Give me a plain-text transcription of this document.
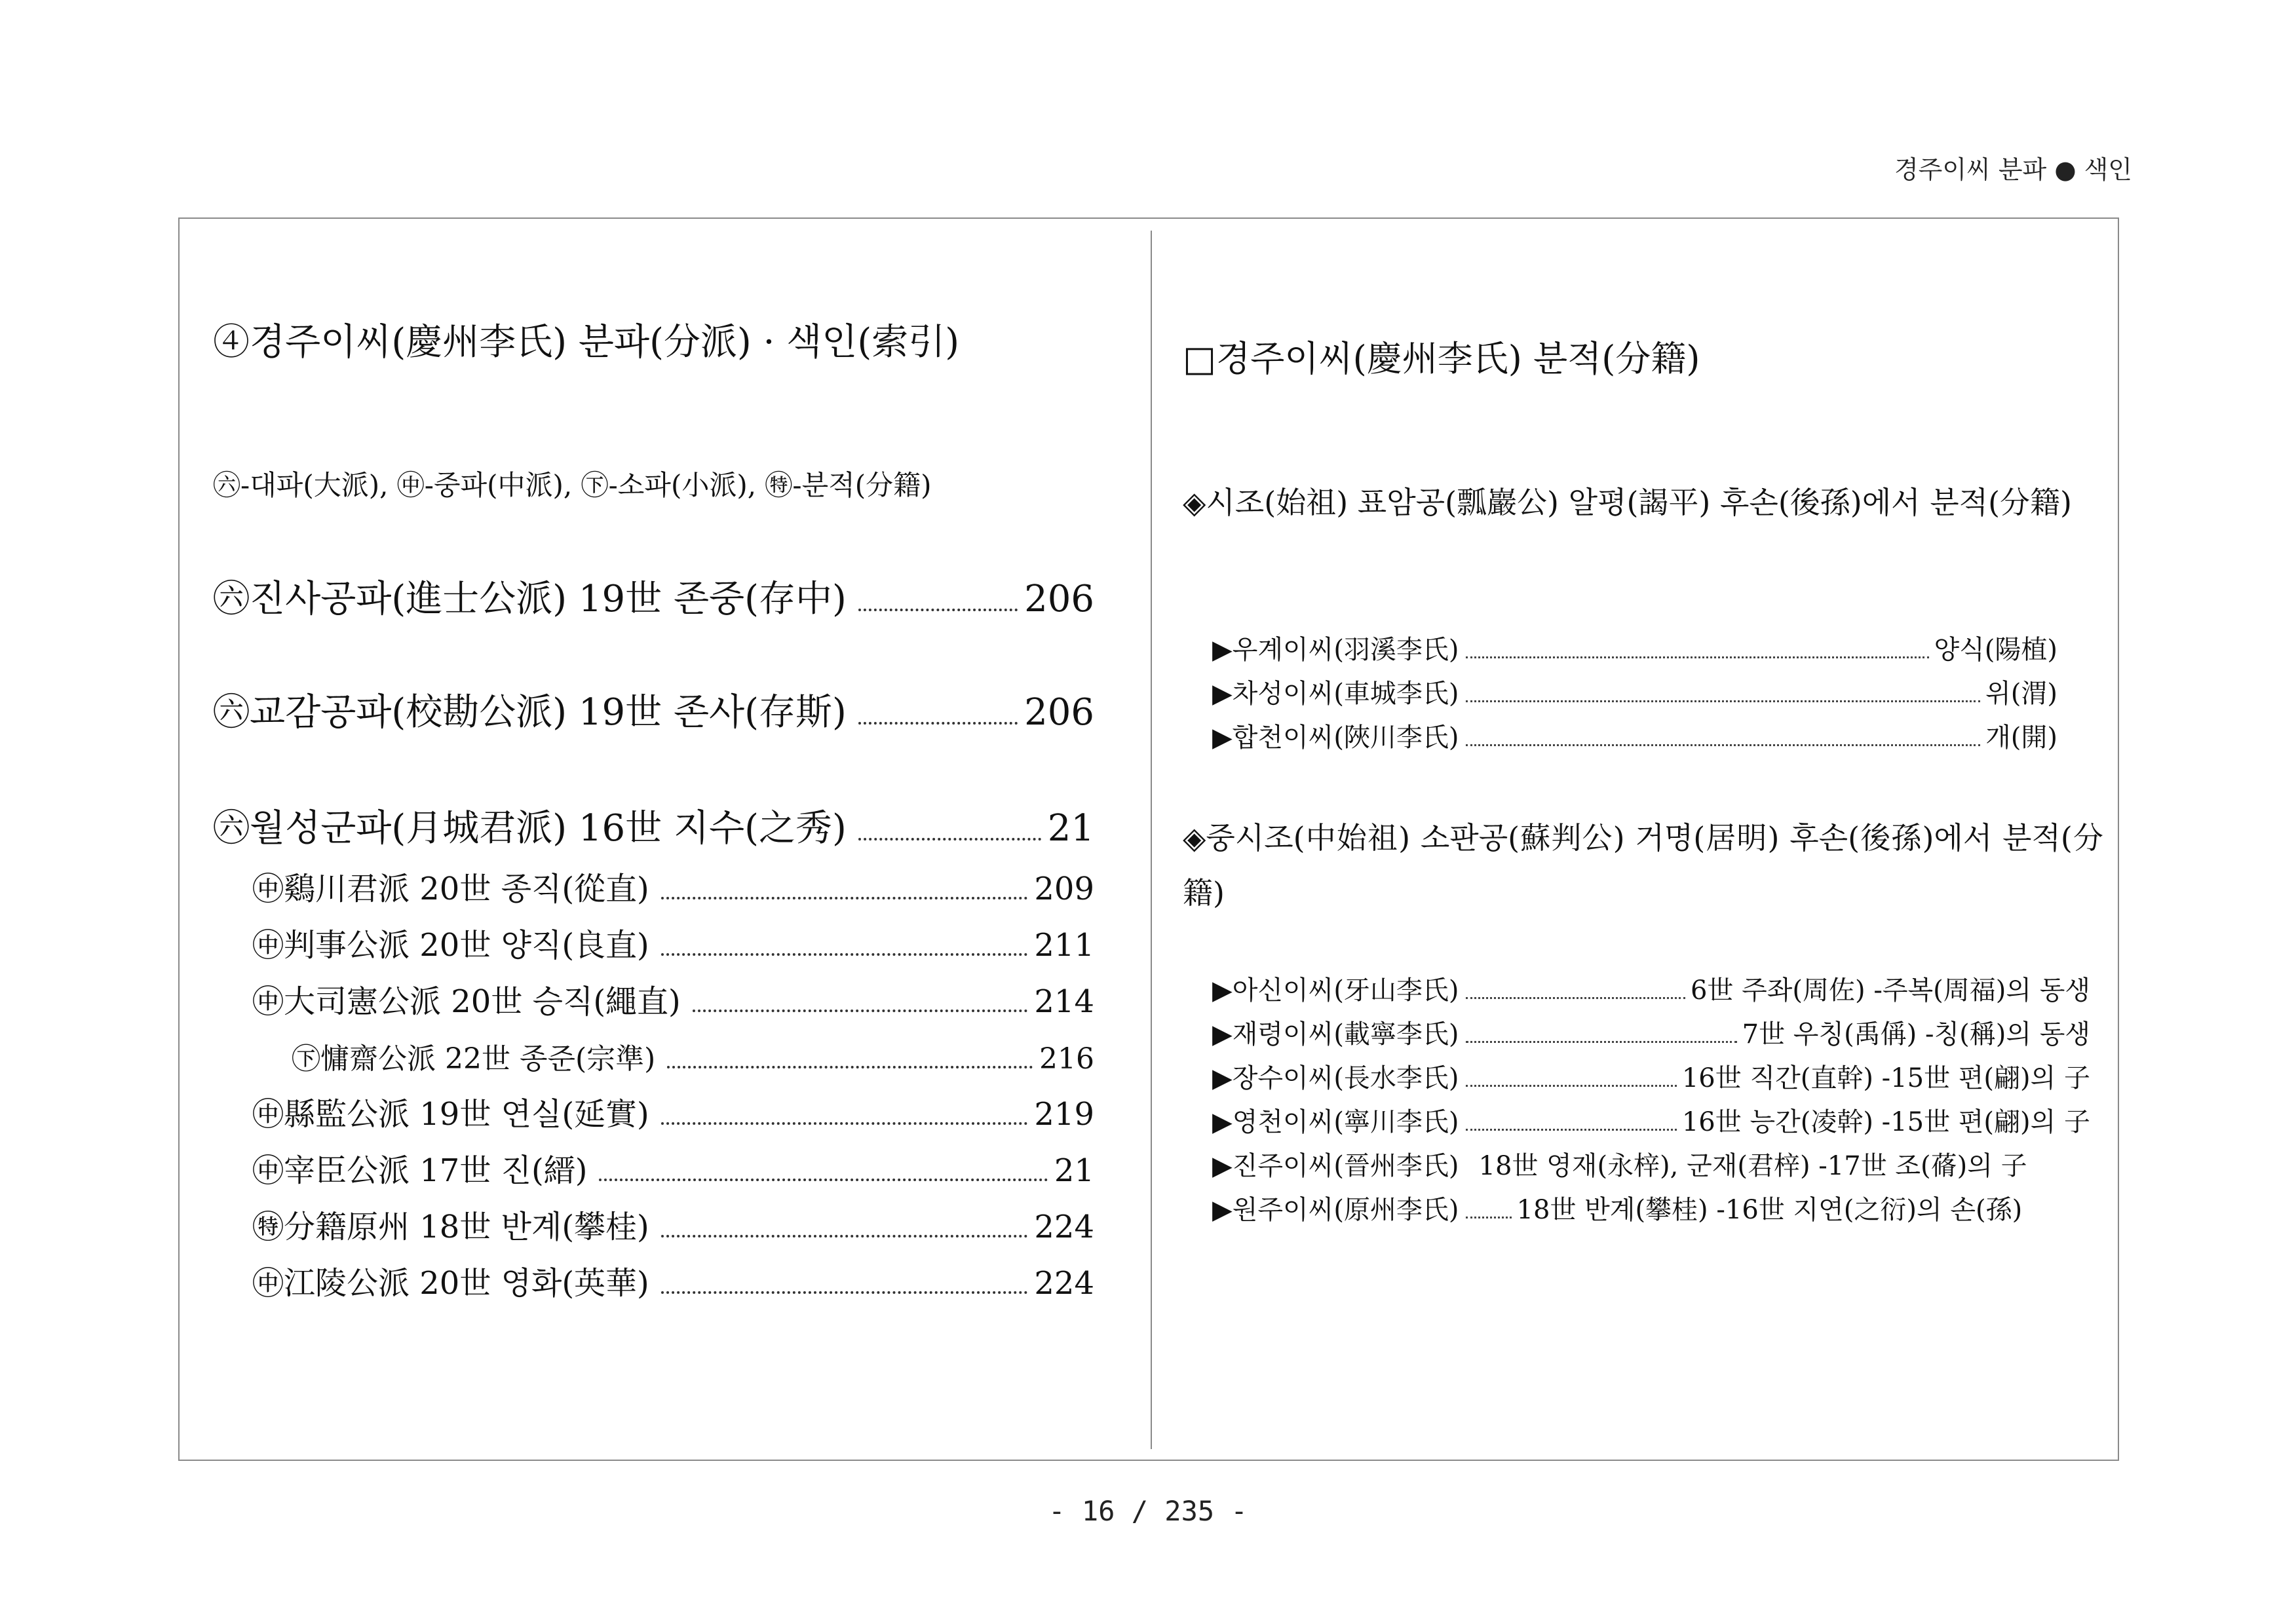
경주이씨 분파 ● 색인
④경주이씨(慶州李氏) 분파(分派) · 색인(索引)
㊅-대파(大派), ㊥-중파(中派), ㊦-소파(小派), ㊕-분적(分籍)
㊅진사공파(進士公派) 19世 존중(存中)	206
㊅교감공파(校勘公派) 19世 존사(存斯)	206
㊅월성군파(月城君派) 16世 지수(之秀)	21
㊥鷄川君派 20世 종직(從直)	209
㊥判事公派 20世 양직(良直)	211
㊥大司憲公派 20世 승직(繩直)	214
㊦慵齋公派 22世 종준(宗準)	216
㊥縣監公派 19世 연실(延實)	219
㊥宰臣公派 17世 진(縉)	21
㊕分籍原州 18世 반계(攀桂)	224
㊥江陵公派 20世 영화(英華)	224
□경주이씨(慶州李氏) 분적(分籍)
◈시조(始祖) 표암공(瓢巖公) 알평(謁平) 후손(後孫)에서 분적(分籍)
▶우계이씨(羽溪李氏)	양식(陽植)
▶차성이씨(車城李氏)	위(渭)
▶합천이씨(陜川李氏)	개(開)
◈중시조(中始祖) 소판공(蘇判公) 거명(居明) 후손(後孫)에서 분적(分籍)
▶아신이씨(牙山李氏)	6世 주좌(周佐) -주복(周福)의 동생
▶재령이씨(載寧李氏)	7世 우칭(禹偁) -칭(稱)의 동생
▶장수이씨(長水李氏)	16世 직간(直幹) -15世 편(翩)의 子
▶영천이씨(寧川李氏)	16世 능간(凌幹) -15世 편(翩)의 子
▶진주이씨(晉州李氏) 18世 영재(永梓), 군재(君梓) -17世 조(蓨)의 子
▶원주이씨(原州李氏) 18世 반계(攀桂) -16世 지연(之衍)의 손(孫)
- 16 / 235 -
